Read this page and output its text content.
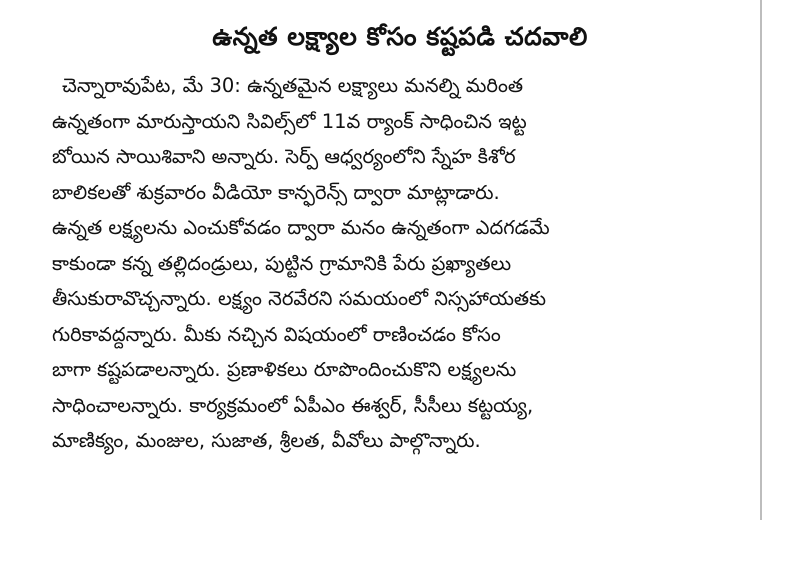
ఉన్నత లక్ష్యాల కోసం కష్టపడి చదవాలి
చెన్నారావుపేట, మే 30: ఉన్నతమైన లక్ష్యాలు మనల్ని మరింత
ఉన్నతంగా మారుస్తాయని సివిల్స్‌లో 11వ ర్యాంక్ సాధించిన ఇట్ట
బోయిన సాయిశివాని అన్నారు. సెర్ప్ ఆధ్వర్యంలోని స్నేహ కిశోర
బాలికలతో శుక్రవారం వీడియో కాన్ఫరెన్స్ ద్వారా మాట్లాడారు.
ఉన్నత లక్ష్యలను ఎంచుకోవడం ద్వారా మనం ఉన్నతంగా ఎదగడమే
కాకుండా కన్న తల్లిదండ్రులు, పుట్టిన గ్రామానికి పేరు ప్రఖ్యాతలు
తీసుకురావొచ్చన్నారు. లక్ష్యం నెరవేరని సమయంలో నిస్సహాయతకు
గురికావద్దన్నారు. మీకు నచ్చిన విషయంలో రాణించడం కోసం
బాగా కష్టపడాలన్నారు. ప్రణాళికలు రూపొందించుకొని లక్ష్యలను
సాధించాలన్నారు. కార్యక్రమంలో ఏపీఎం ఈశ్వర్, సీసీలు కట్టయ్య,
మాణిక్యం, మంజుల, సుజాత, శ్రీలత, వీవోలు పాల్గొన్నారు.
